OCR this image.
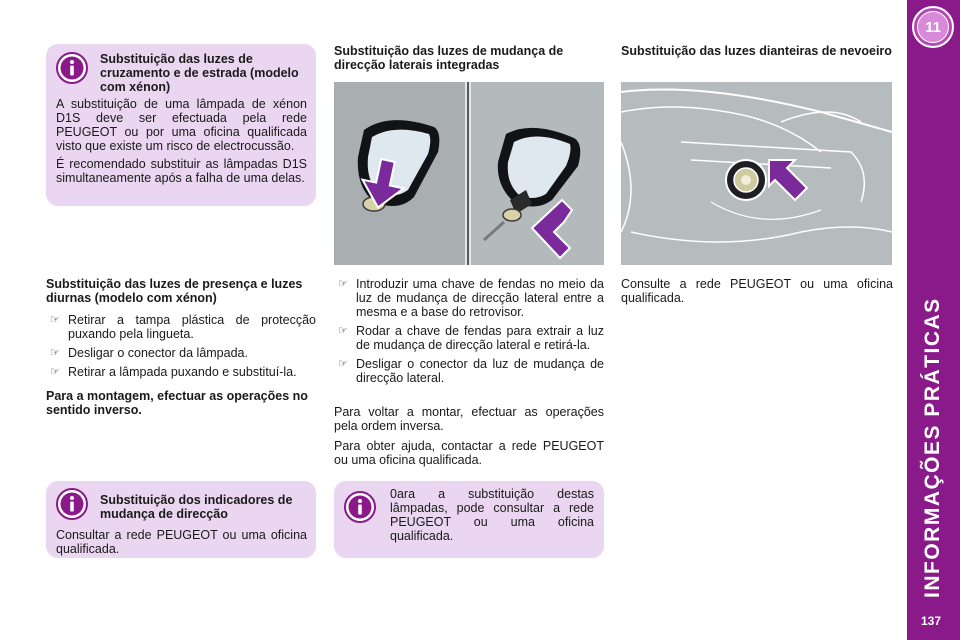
11
INFORMAÇÕES PRÁTICAS
137
Substituição das luzes de cruzamento e de estrada (modelo com xénon)

A substituição de uma lâmpada de xénon D1S deve ser efectuada pela rede PEUGEOT ou por uma oficina qualificada visto que existe um risco de electrocussão.

É recomendado substituir as lâmpadas D1S simultaneamente após a falha de uma delas.

Substituição das luzes de presença e luzes diurnas (modelo com xénon)
☞ Retirar a tampa plástica de protecção puxando pela lingueta.
☞ Desligar o conector da lâmpada.
☞ Retirar a lâmpada puxando e substituí-la.
Para a montagem, efectuar as operações no sentido inverso.
Substituição dos indicadores de mudança de direcção
Consultar a rede PEUGEOT ou uma oficina qualificada.
Substituição das luzes de mudança de direcção laterais integradas
☞ Introduzir uma chave de fendas no meio da luz de mudança de direcção lateral entre a mesma e a base do retrovisor.
☞ Rodar a chave de fendas para extrair a luz de mudança de direcção lateral e retirá-la.
☞ Desligar o conector da luz de mudança de direcção lateral.

Para voltar a montar, efectuar as operações pela ordem inversa.

Para obter ajuda, contactar a rede PEUGEOT ou uma oficina qualificada.

0ara a substituição destas lâmpadas, pode consultar a rede PEUGEOT ou uma oficina qualificada.
Substituição das luzes dianteiras de nevoeiro
Consulte a rede PEUGEOT ou uma oficina qualificada.
